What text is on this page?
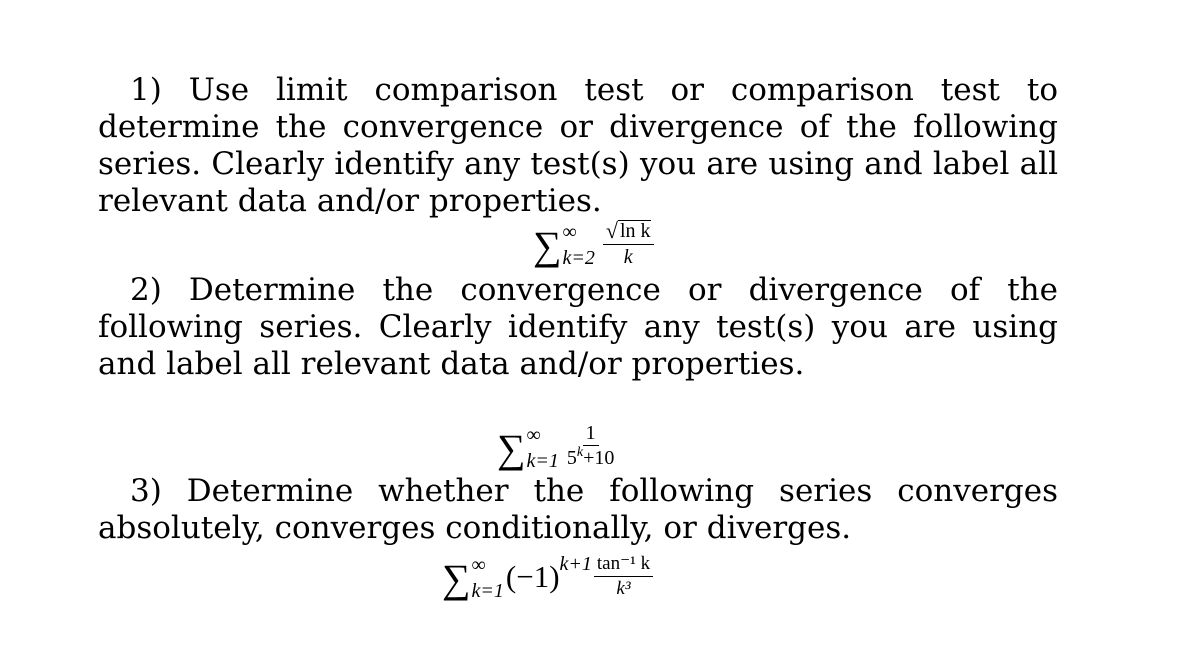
1) Use limit comparison test or comparison test to determine the convergence or divergence of the following series. Clearly identify any test(s) you are using and label all relevant data and/or properties.
∑ ∞
$k=2 \frac{\text{√ ln k}}{k}$
2) Determine the convergence or divergence of the following series. Clearly identify any test(s) you are using and label all relevant data and/or properties.
∑ ∞
$k=1 \frac{1}{5^k+10}$
3) Determine whether the following series converges absolutely, converges conditionally, or diverges.
∑ ∞
k=1 $(-1)^{k+1} \frac{\text{tan⁻¹ k}}{\text{k³}}$
